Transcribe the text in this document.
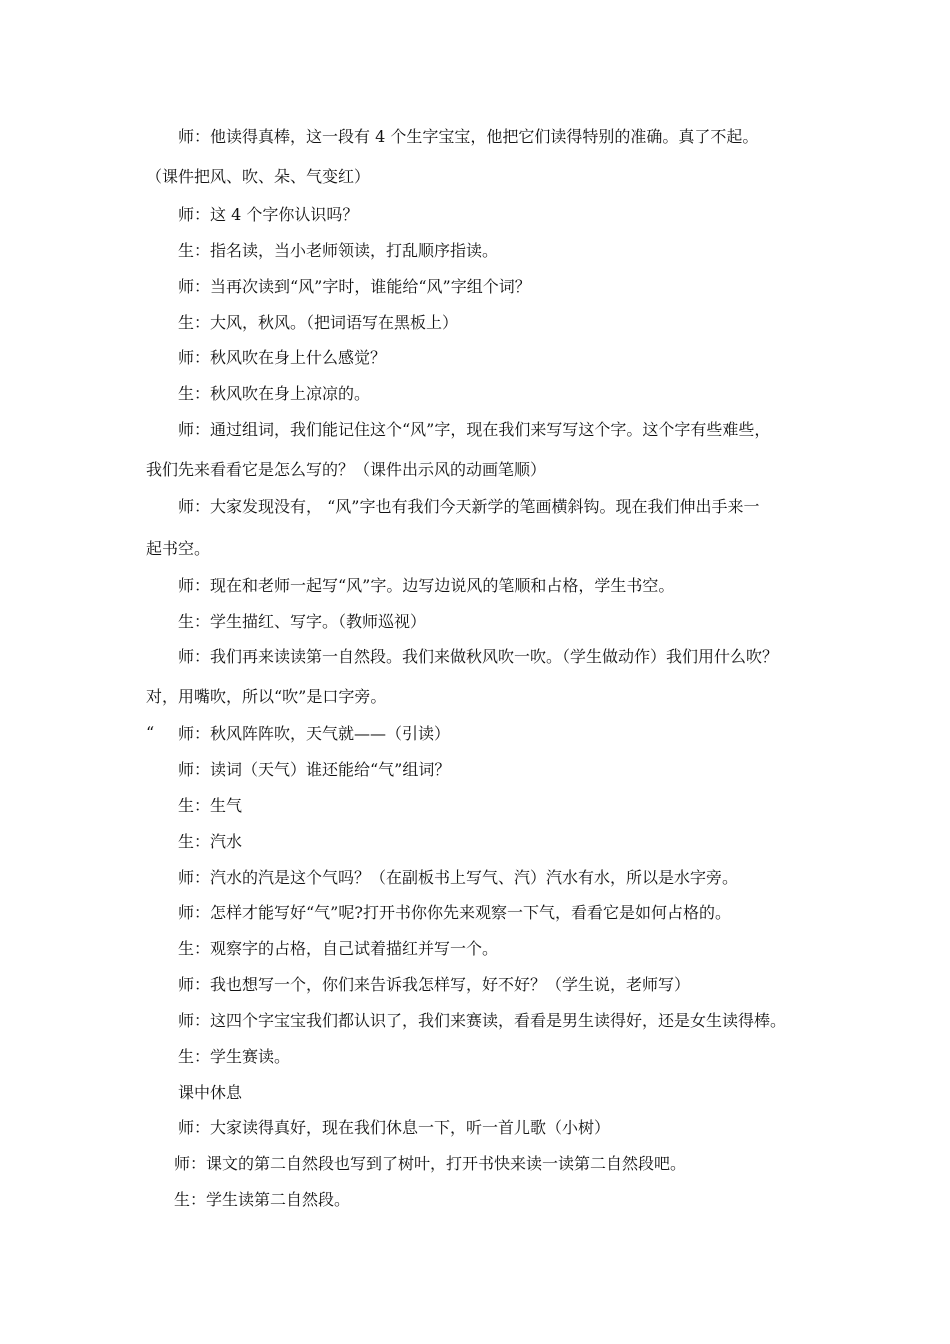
师：他读得真棒，这一段有 4 个生字宝宝，他把它们读得特别的准确。真了不起。
（课件把风、吹、朵、气变红）
师：这 4 个字你认识吗？
生：指名读，当小老师领读，打乱顺序指读。
师：当再次读到“风”字时，谁能给“风”字组个词？
生：大风，秋风。（把词语写在黑板上）
师：秋风吹在身上什么感觉？
生：秋风吹在身上凉凉的。
师：通过组词，我们能记住这个“风”字，现在我们来写写这个字。这个字有些难些，
我们先来看看它是怎么写的？（课件出示风的动画笔顺）
师：大家发现没有， “风”字也有我们今天新学的笔画横斜钩。现在我们伸出手来一
起书空。
师：现在和老师一起写“风”字。边写边说风的笔顺和占格，学生书空。
生：学生描红、写字。（教师巡视）
师：我们再来读读第一自然段。我们来做秋风吹一吹。（学生做动作）我们用什么吹？
对，用嘴吹，所以“吹”是口字旁。
“ 师：秋风阵阵吹，天气就——（引读）
师：读词（天气）谁还能给“气”组词？
生：生气
生：汽水
师：汽水的汽是这个气吗？（在副板书上写气、汽）汽水有水，所以是水字旁。
师：怎样才能写好“气”呢?打开书你你先来观察一下气，看看它是如何占格的。
生：观察字的占格，自己试着描红并写一个。
师：我也想写一个，你们来告诉我怎样写，好不好？（学生说，老师写）
师：这四个字宝宝我们都认识了，我们来赛读，看看是男生读得好，还是女生读得棒。
生：学生赛读。
课中休息
师：大家读得真好，现在我们休息一下，听一首儿歌（小树）
师：课文的第二自然段也写到了树叶，打开书快来读一读第二自然段吧。
生：学生读第二自然段。
